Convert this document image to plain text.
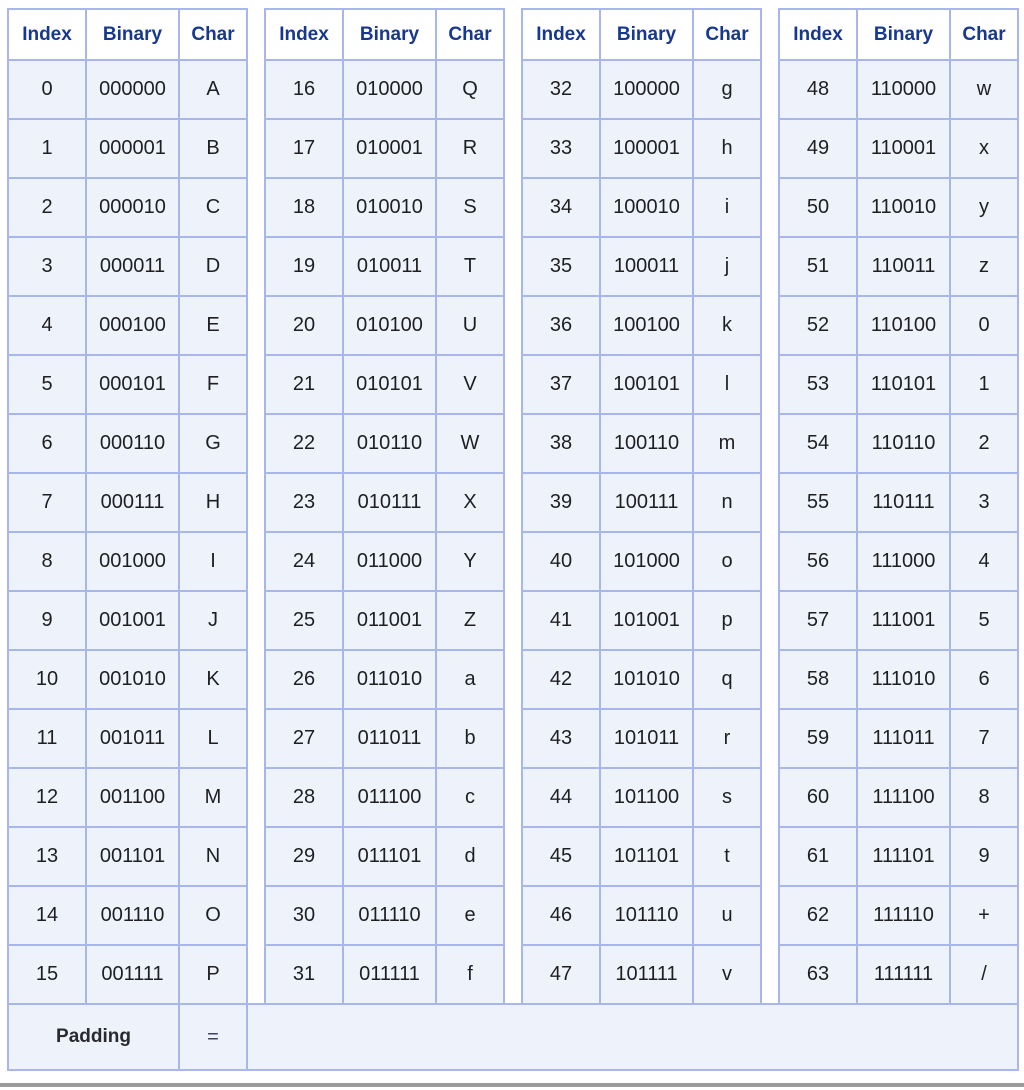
Index	Binary	Char		Index	Binary	Char		Index	Binary	Char		Index	Binary	Char
0	000000	A		16	010000	Q		32	100000	g		48	110000	w
1	000001	B		17	010001	R		33	100001	h		49	110001	x
2	000010	C		18	010010	S		34	100010	i		50	110010	y
3	000011	D		19	010011	T		35	100011	j		51	110011	z
4	000100	E		20	010100	U		36	100100	k		52	110100	0
5	000101	F		21	010101	V		37	100101	l		53	110101	1
6	000110	G		22	010110	W		38	100110	m		54	110110	2
7	000111	H		23	010111	X		39	100111	n		55	110111	3
8	001000	I		24	011000	Y		40	101000	o		56	111000	4
9	001001	J		25	011001	Z		41	101001	p		57	111001	5
10	001010	K		26	011010	a		42	101010	q		58	111010	6
11	001011	L		27	011011	b		43	101011	r		59	111011	7
12	001100	M		28	011100	c		44	101100	s		60	111100	8
13	001101	N		29	011101	d		45	101101	t		61	111101	9
14	001110	O		30	011110	e		46	101110	u		62	111110	+
15	001111	P		31	011111	f		47	101111	v		63	111111	/
Padding		=												
